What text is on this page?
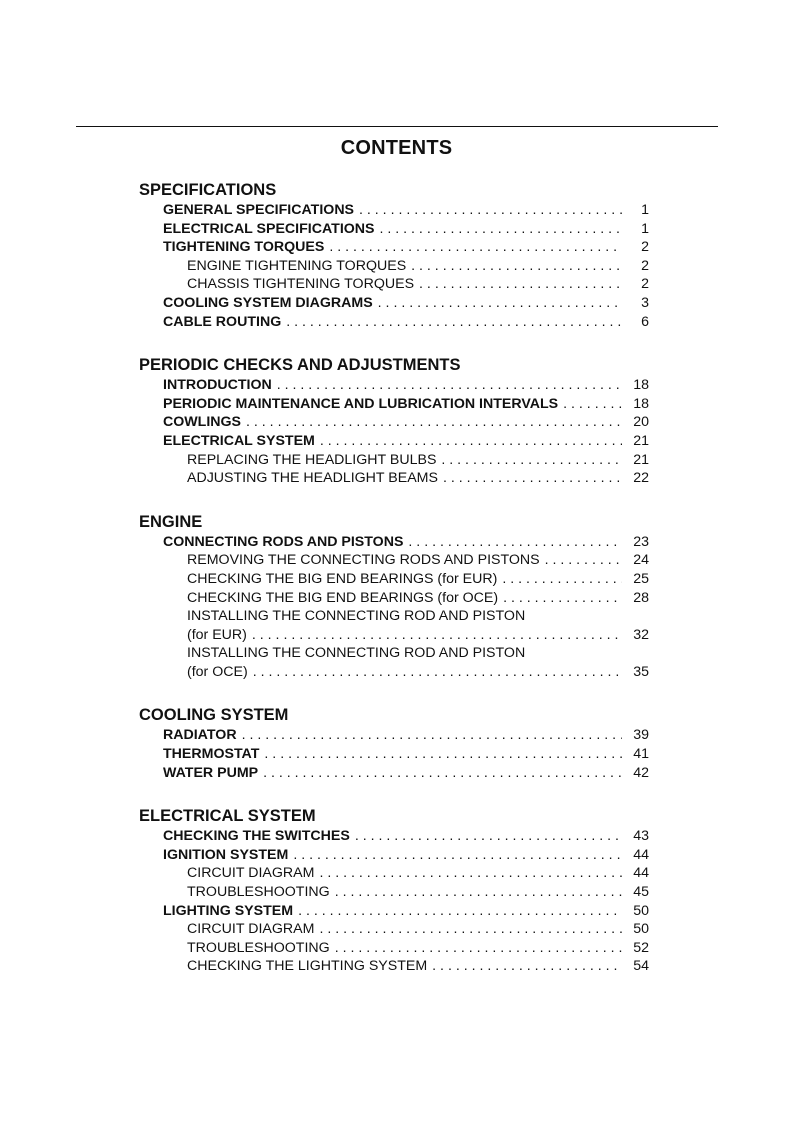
CONTENTS
SPECIFICATIONS
GENERAL SPECIFICATIONS . . .	1
ELECTRICAL SPECIFICATIONS . . .	1
TIGHTENING TORQUES . . .	2
ENGINE TIGHTENING TORQUES . . .	2
CHASSIS TIGHTENING TORQUES . . .	2
COOLING SYSTEM DIAGRAMS . . .	3
CABLE ROUTING . . .	6
PERIODIC CHECKS AND ADJUSTMENTS
INTRODUCTION . . .	18
PERIODIC MAINTENANCE AND LUBRICATION INTERVALS . . .	18
COWLINGS . . .	20
ELECTRICAL SYSTEM . . .	21
REPLACING THE HEADLIGHT BULBS . . .	21
ADJUSTING THE HEADLIGHT BEAMS . . .	22
ENGINE
CONNECTING RODS AND PISTONS . . .	23
REMOVING THE CONNECTING RODS AND PISTONS . . .	24
CHECKING THE BIG END BEARINGS (for EUR) . . .	25
CHECKING THE BIG END BEARINGS (for OCE) . . .	28
INSTALLING THE CONNECTING ROD AND PISTON
(for EUR) . . .	32
INSTALLING THE CONNECTING ROD AND PISTON
(for OCE) . . .	35
COOLING SYSTEM
RADIATOR . . .	39
THERMOSTAT . . .	41
WATER PUMP . . .	42
ELECTRICAL SYSTEM
CHECKING THE SWITCHES . . .	43
IGNITION SYSTEM . . .	44
CIRCUIT DIAGRAM . . .	44
TROUBLESHOOTING . . .	45
LIGHTING SYSTEM . . .	50
CIRCUIT DIAGRAM . . .	50
TROUBLESHOOTING . . .	52
CHECKING THE LIGHTING SYSTEM . . .	54
